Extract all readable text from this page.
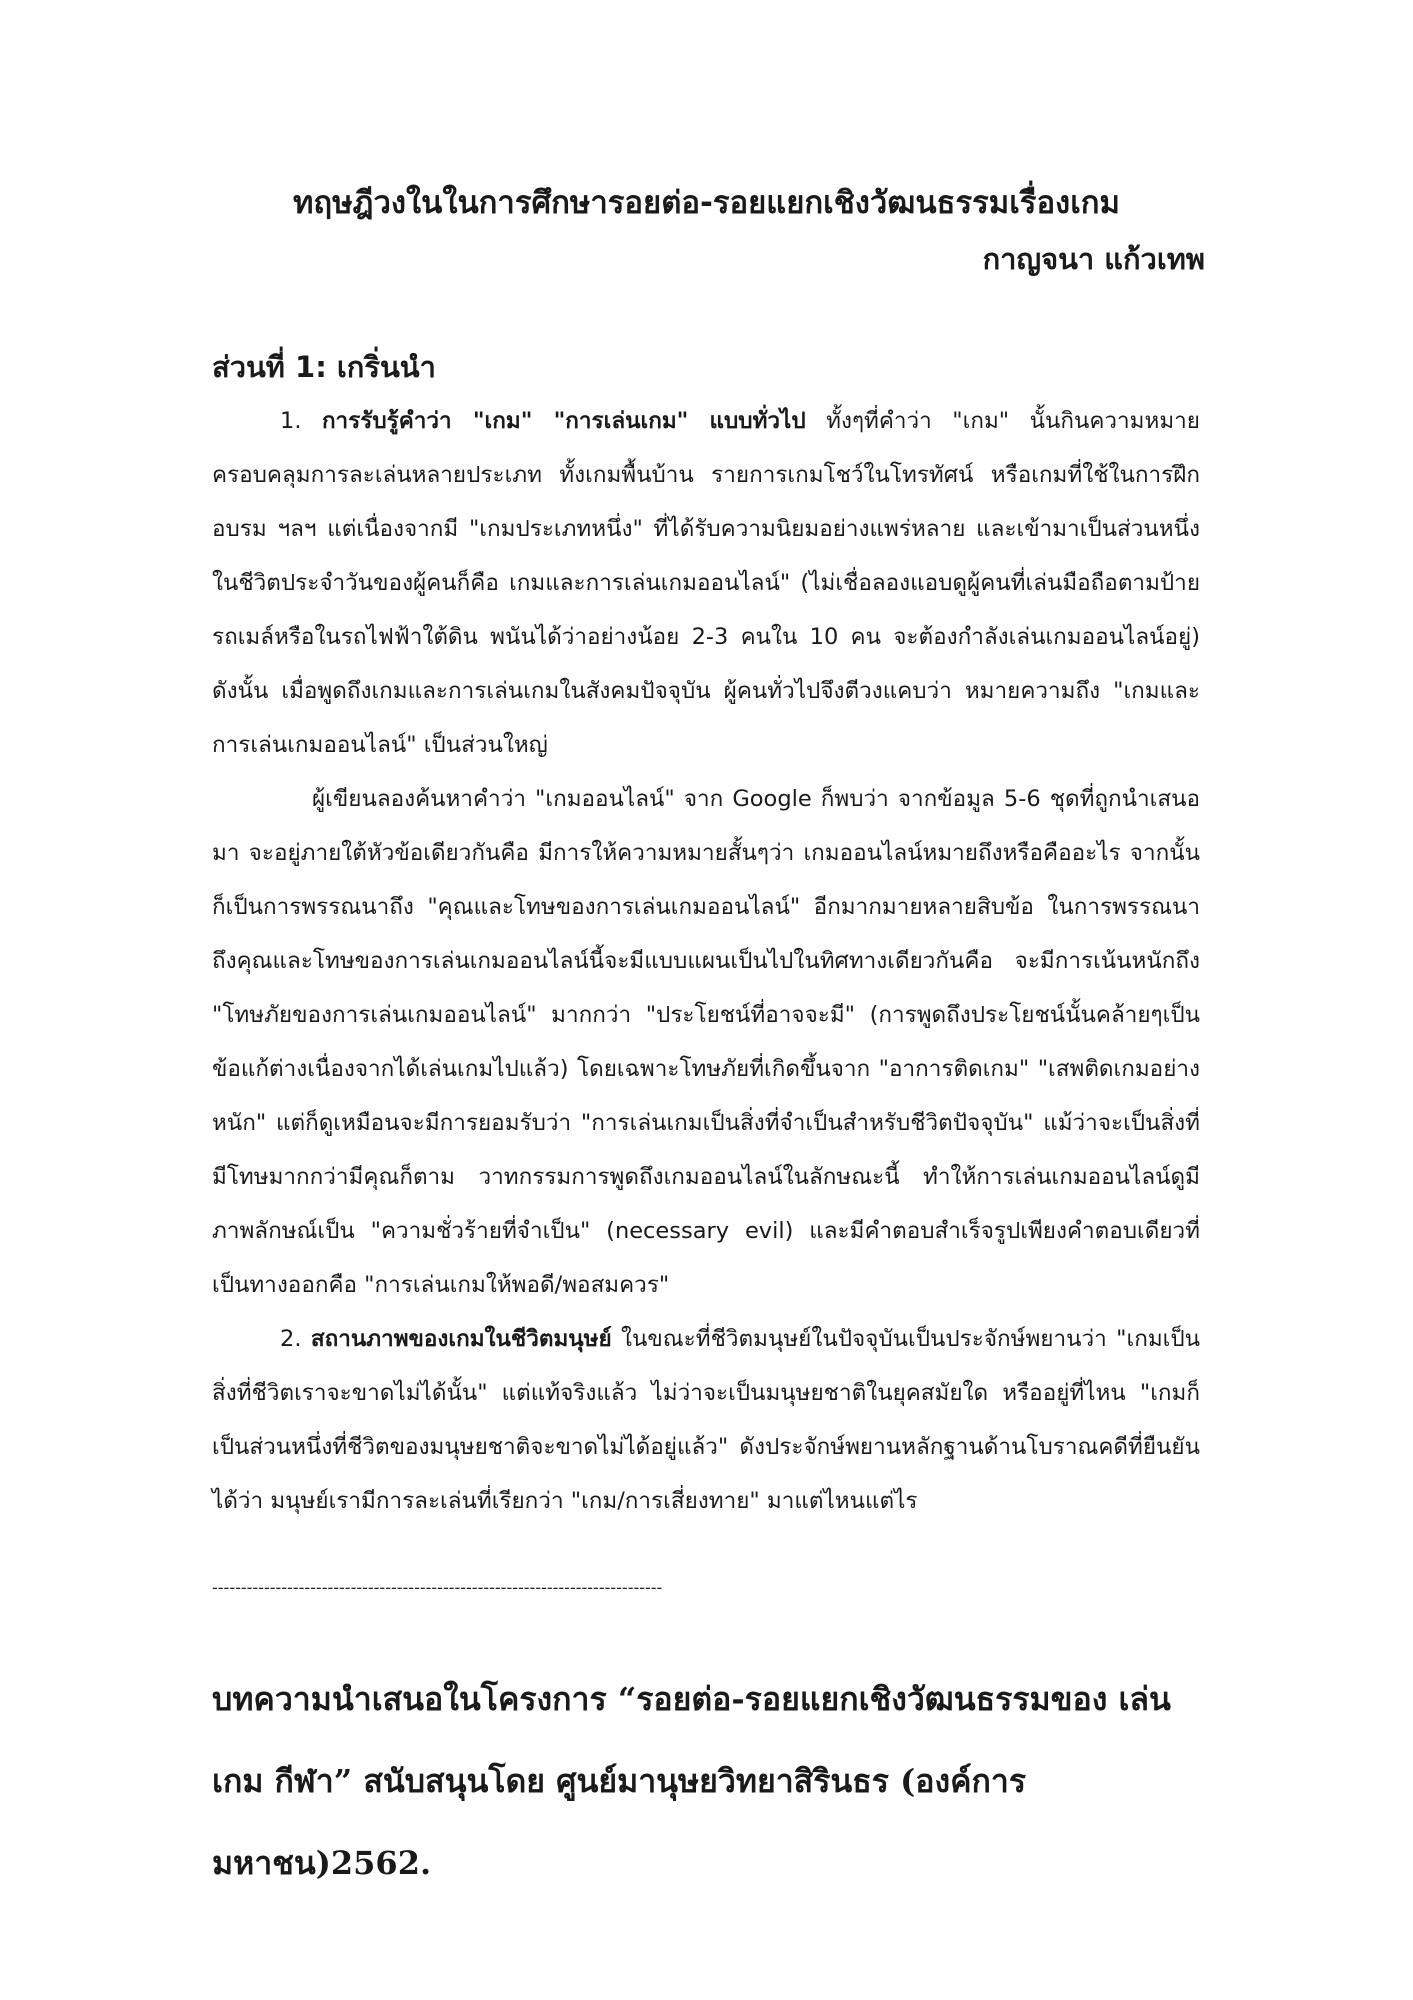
ทฤษฎีวงในในการศึกษารอยต่อ-รอยแยกเชิงวัฒนธรรมเรื่องเกม
กาญจนา แก้วเทพ
ส่วนที่ 1: เกริ่นนำ

1. การรับรู้คำว่า "เกม" "การเล่นเกม" แบบทั่วไป ทั้งๆที่คำว่า "เกม" นั้นกินความหมายครอบคลุมการละเล่นหลายประเภท ทั้งเกมพื้นบ้าน รายการเกมโชว์ในโทรทัศน์ หรือเกมที่ใช้ในการฝึกอบรม ฯลฯ แต่เนื่องจากมี "เกมประเภทหนึ่ง" ที่ได้รับความนิยมอย่างแพร่หลาย และเข้ามาเป็นส่วนหนึ่งในชีวิตประจำวันของผู้คนก็คือ เกมและการเล่นเกมออนไลน์" (ไม่เชื่อลองแอบดูผู้คนที่เล่นมือถือตามป้ายรถเมล์หรือในรถไฟฟ้าใต้ดิน พนันได้ว่าอย่างน้อย 2-3 คนใน 10 คน จะต้องกำลังเล่นเกมออนไลน์อยู่) ดังนั้น เมื่อพูดถึงเกมและการเล่นเกมในสังคมปัจจุบัน ผู้คนทั่วไปจึงตีวงแคบว่า หมายความถึง "เกมและการเล่นเกมออนไลน์" เป็นส่วนใหญ่

ผู้เขียนลองค้นหาคำว่า "เกมออนไลน์" จาก Google ก็พบว่า จากข้อมูล 5-6 ชุดที่ถูกนำเสนอมา จะอยู่ภายใต้หัวข้อเดียวกันคือ มีการให้ความหมายสั้นๆว่า เกมออนไลน์หมายถึงหรือคืออะไร จากนั้นก็เป็นการพรรณนาถึง "คุณและโทษของการเล่นเกมออนไลน์" อีกมากมายหลายสิบข้อ ในการพรรณนาถึงคุณและโทษของการเล่นเกมออนไลน์นี้จะมีแบบแผนเป็นไปในทิศทางเดียวกันคือ จะมีการเน้นหนักถึง "โทษภัยของการเล่นเกมออนไลน์" มากกว่า "ประโยชน์ที่อาจจะมี" (การพูดถึงประโยชน์นั้นคล้ายๆเป็นข้อแก้ต่างเนื่องจากได้เล่นเกมไปแล้ว) โดยเฉพาะโทษภัยที่เกิดขึ้นจาก "อาการติดเกม" "เสพติดเกมอย่างหนัก" แต่ก็ดูเหมือนจะมีการยอมรับว่า "การเล่นเกมเป็นสิ่งที่จำเป็นสำหรับชีวิตปัจจุบัน" แม้ว่าจะเป็นสิ่งที่มีโทษมากกว่ามีคุณก็ตาม วาทกรรมการพูดถึงเกมออนไลน์ในลักษณะนี้ ทำให้การเล่นเกมออนไลน์ดูมีภาพลักษณ์เป็น "ความชั่วร้ายที่จำเป็น" (necessary evil) และมีคำตอบสำเร็จรูปเพียงคำตอบเดียวที่เป็นทางออกคือ "การเล่นเกมให้พอดี/พอสมควร"

2. สถานภาพของเกมในชีวิตมนุษย์ ในขณะที่ชีวิตมนุษย์ในปัจจุบันเป็นประจักษ์พยานว่า "เกมเป็นสิ่งที่ชีวิตเราจะขาดไม่ได้นั้น" แต่แท้จริงแล้ว ไม่ว่าจะเป็นมนุษยชาติในยุคสมัยใด หรืออยู่ที่ไหน "เกมก็เป็นส่วนหนึ่งที่ชีวิตของมนุษยชาติจะขาดไม่ได้อยู่แล้ว" ดังประจักษ์พยานหลักฐานด้านโบราณคดีที่ยืนยันได้ว่า มนุษย์เรามีการละเล่นที่เรียกว่า "เกม/การเสี่ยงทาย" มาแต่ไหนแต่ไร

------------------------------------------------------------------------------
บทความนำเสนอในโครงการ “รอยต่อ-รอยแยกเชิงวัฒนธรรมของ เล่น เกม กีฬา” สนับสนุนโดย ศูนย์มานุษยวิทยาสิรินธร (องค์การมหาชน)2562.
